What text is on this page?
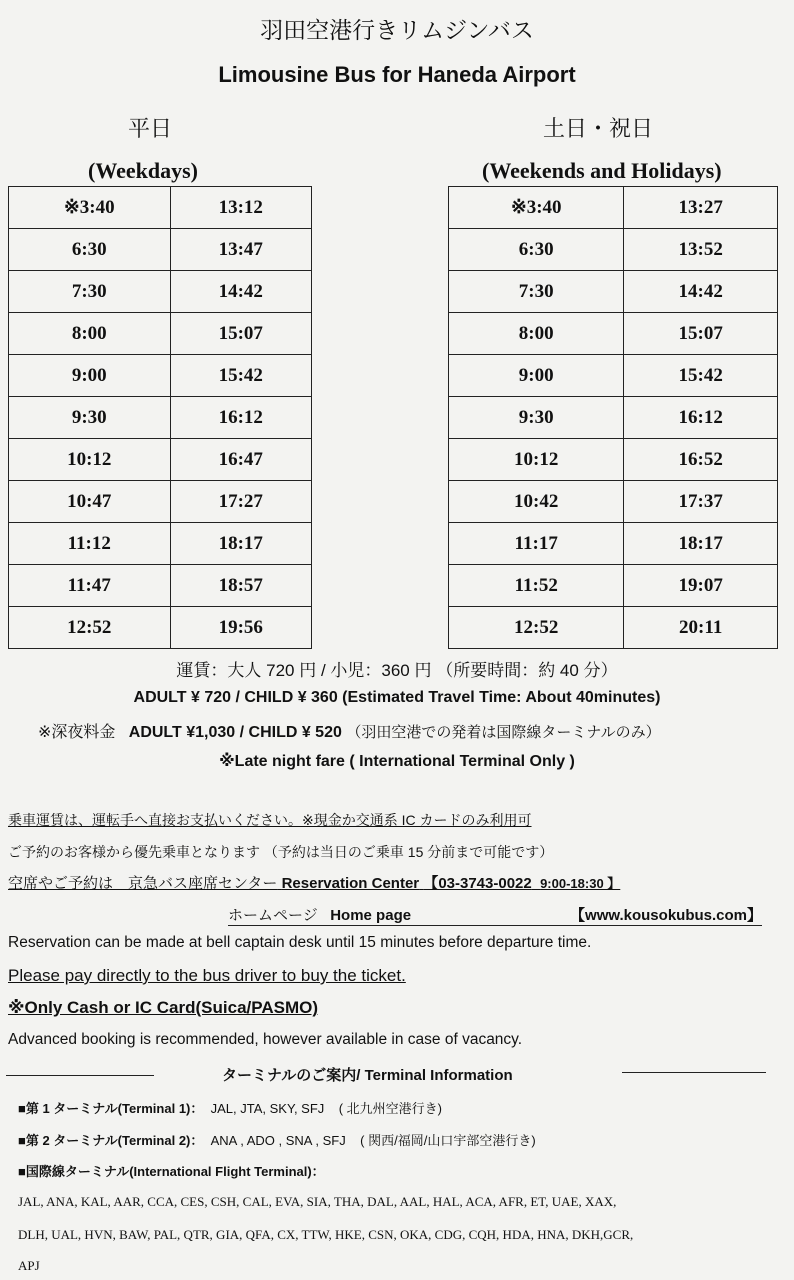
羽田空港行きリムジンバス
Limousine Bus for Haneda Airport
平日	土日・祝日
(Weekdays)	(Weekends and Holidays)
※3:40	13:12
6:30	13:47
7:30	14:42
8:00	15:07
9:00	15:42
9:30	16:12
10:12	16:47
10:47	17:27
11:12	18:17
11:47	18:57
12:52	19:56
※3:40	13:27
6:30	13:52
7:30	14:42
8:00	15:07
9:00	15:42
9:30	16:12
10:12	16:52
10:42	17:37
11:17	18:17
11:52	19:07
12:52	20:11
運賃：大人 720 円 / 小児：360 円 （所要時間：約 40 分）
ADULT ¥ 720 / CHILD ¥ 360 (Estimated Travel Time: About 40minutes)
※深夜料金 ADULT ¥1,030 / CHILD ¥ 520 （羽田空港での発着は国際線ターミナルのみ）
※Late night fare ( International Terminal Only )
乗車運賃は、運転手へ直接お支払いください。※現金か交通系 IC カードのみ利用可
ご予約のお客様から優先乗車となります （予約は当日のご乗車 15 分前まで可能です）
空席やご予約は　京急バス座席センター Reservation Center 【03-3743-0022 9:00-18:30 】
ホームページ Home page	【www.kousokubus.com】
Reservation can be made at bell captain desk until 15 minutes before departure time.
Please pay directly to the bus driver to buy the ticket.
※Only Cash or IC Card(Suica/PASMO)
Advanced booking is recommended, however available in case of vacancy.
ターミナルのご案内/ Terminal Information
■第 1 ターミナル(Terminal 1)： JAL, JTA, SKY, SFJ ( 北九州空港行き)
■第 2 ターミナル(Terminal 2)： ANA , ADO , SNA , SFJ ( 関西/福岡/山口宇部空港行き)
■国際線ターミナル(International Flight Terminal)：
JAL, ANA, KAL, AAR, CCA, CES, CSH, CAL, EVA, SIA, THA, DAL, AAL, HAL, ACA, AFR, ET, UAE, XAX,
DLH, UAL, HVN, BAW, PAL, QTR, GIA, QFA, CX, TTW, HKE, CSN, OKA, CDG, CQH, HDA, HNA, DKH,GCR,
APJ
